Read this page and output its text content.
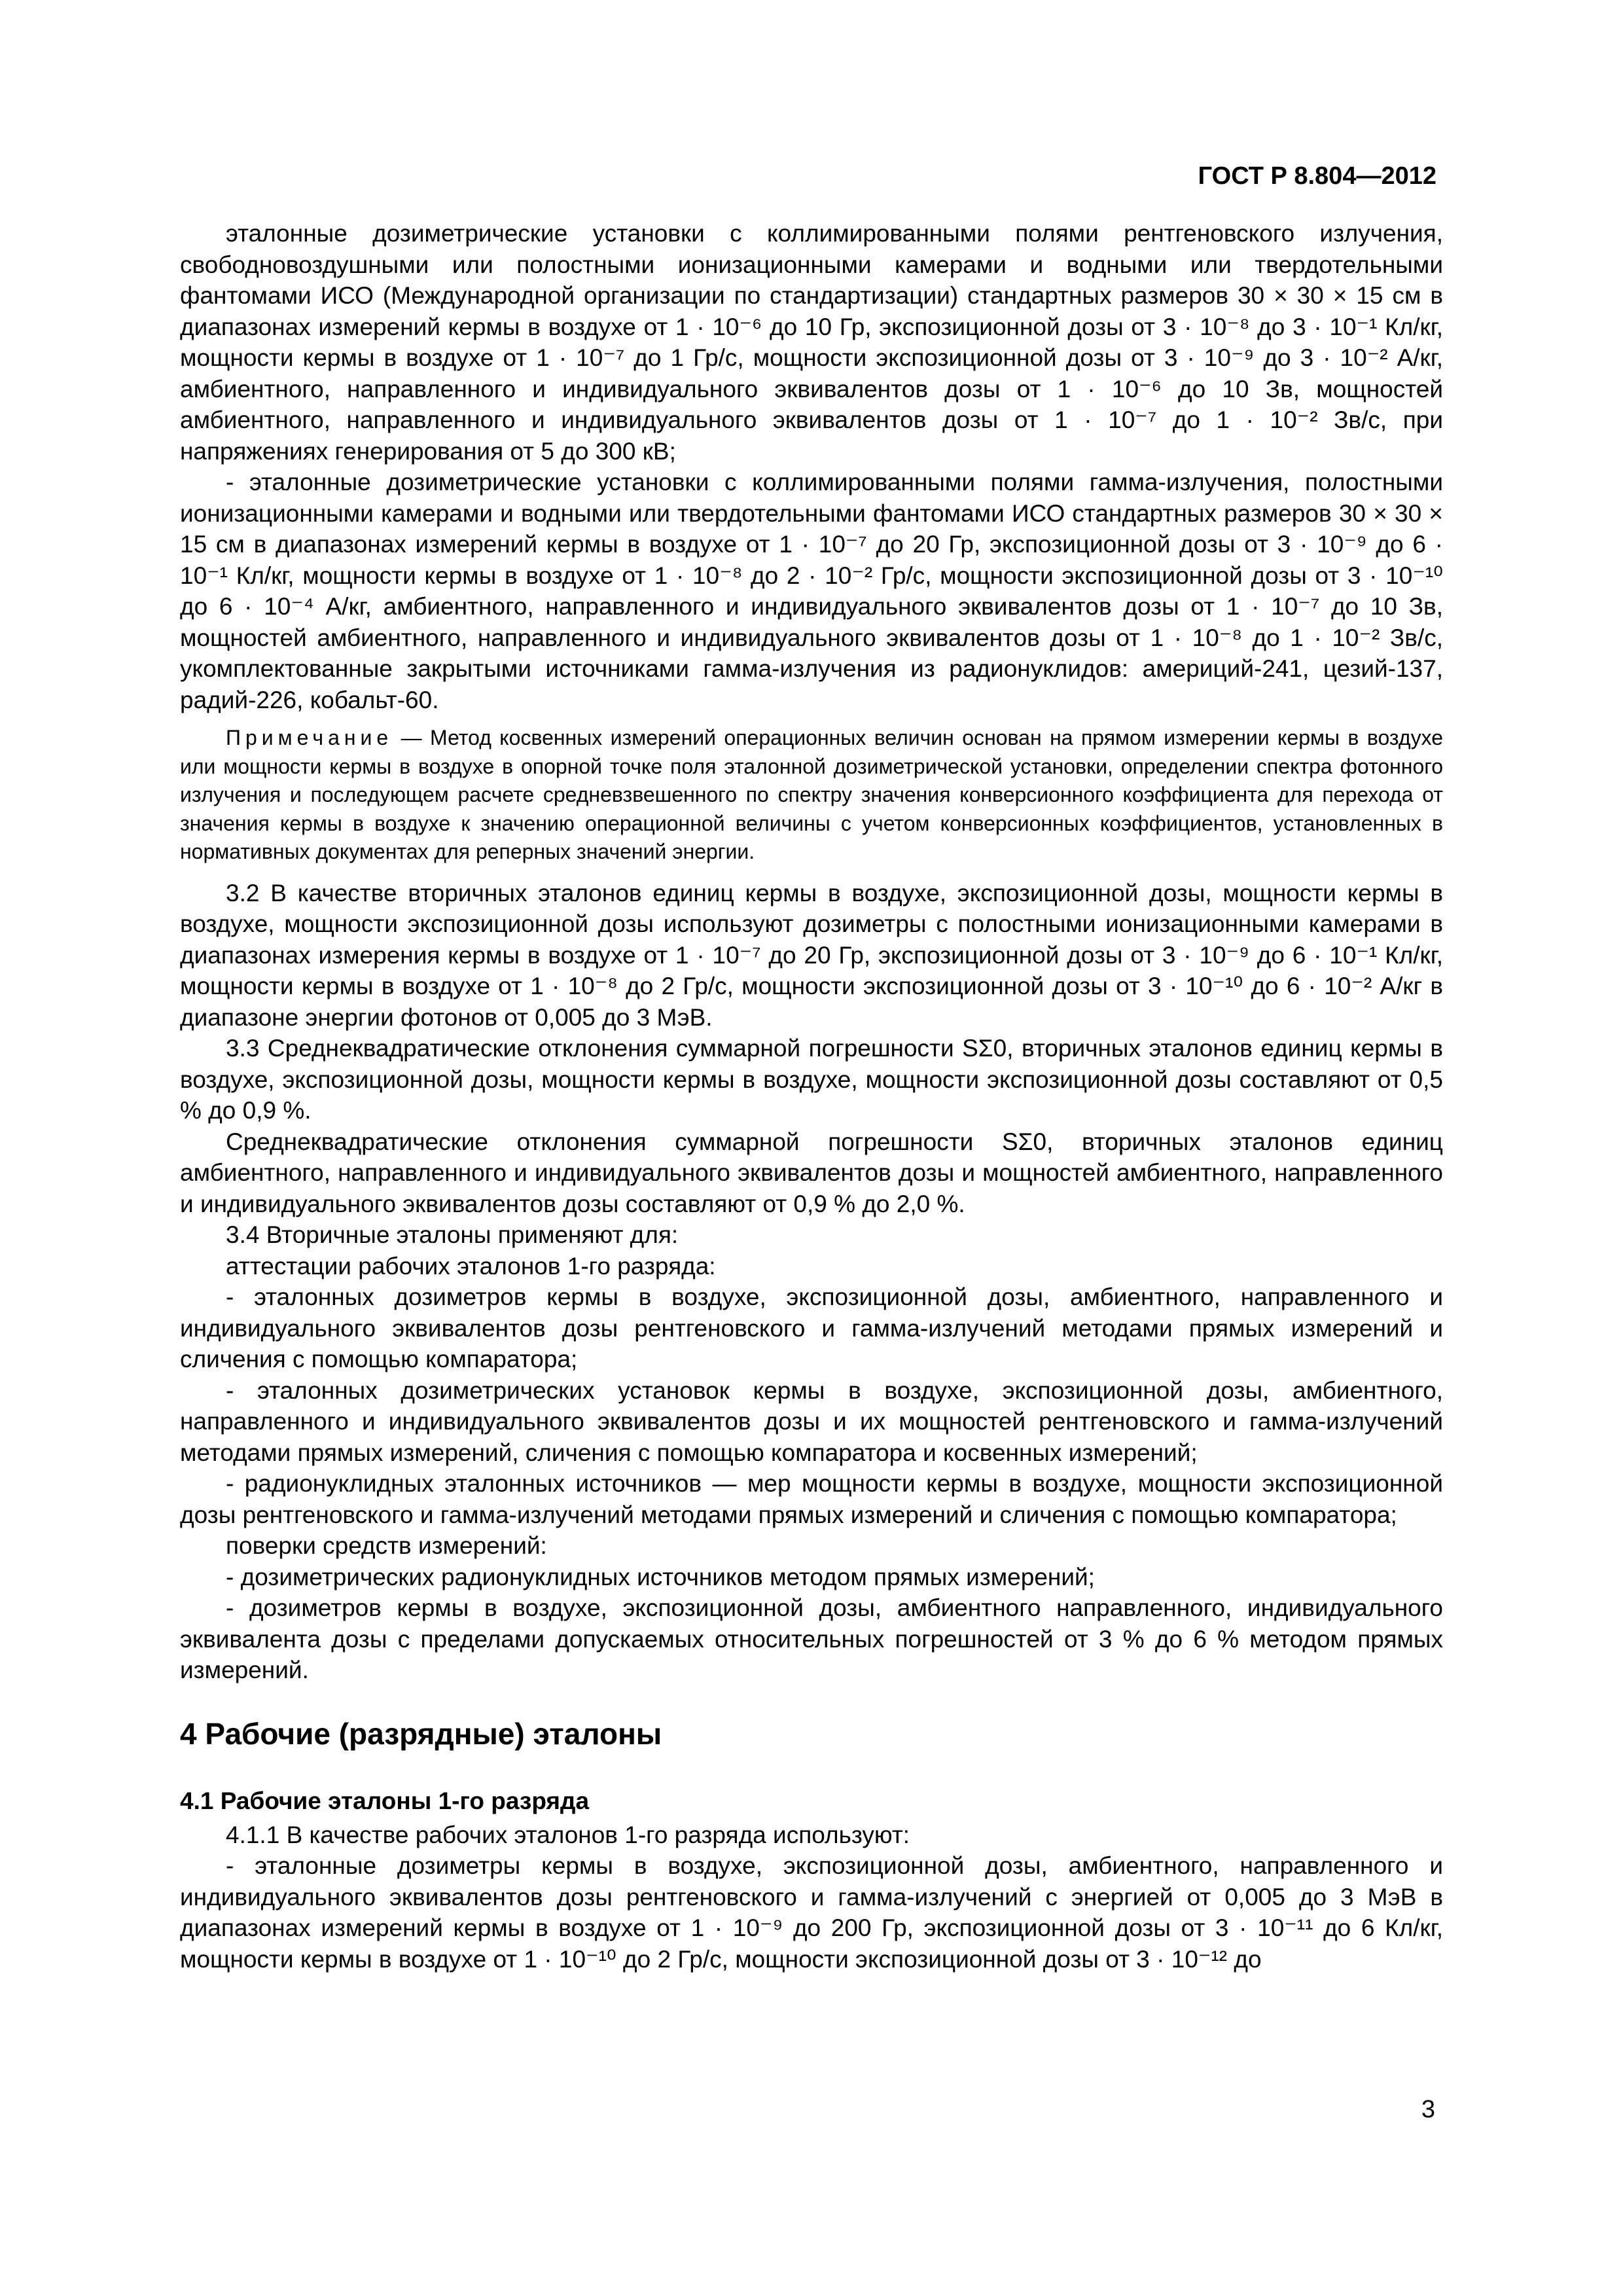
ГОСТ Р 8.804—2012

эталонные дозиметрические установки с коллимированными полями рентгеновского излучения, свободновоздушными или полостными ионизационными камерами и водными или твердотельными фантомами ИСО (Международной организации по стандартизации) стандартных размеров 30 × 30 × 15 см в диапазонах измерений кермы в воздухе от 1 · 10⁻⁶ до 10 Гр, экспозиционной дозы от 3 · 10⁻⁸ до 3 · 10⁻¹ Кл/кг, мощности кермы в воздухе от 1 · 10⁻⁷ до 1 Гр/с, мощности экспозиционной дозы от 3 · 10⁻⁹ до 3 · 10⁻² А/кг, амбиентного, направленного и индивидуального эквивалентов дозы от 1 · 10⁻⁶ до 10 Зв, мощностей амбиентного, направленного и индивидуального эквивалентов дозы от 1 · 10⁻⁷ до 1 · 10⁻² Зв/с, при напряжениях генерирования от 5 до 300 кВ;

- эталонные дозиметрические установки с коллимированными полями гамма-излучения, полостными ионизационными камерами и водными или твердотельными фантомами ИСО стандартных размеров 30 × 30 × 15 см в диапазонах измерений кермы в воздухе от 1 · 10⁻⁷ до 20 Гр, экспозиционной дозы от 3 · 10⁻⁹ до 6 · 10⁻¹ Кл/кг, мощности кермы в воздухе от 1 · 10⁻⁸ до 2 · 10⁻² Гр/с, мощности экспозиционной дозы от 3 · 10⁻¹⁰ до 6 · 10⁻⁴ А/кг, амбиентного, направленного и индивидуального эквивалентов дозы от 1 · 10⁻⁷ до 10 Зв, мощностей амбиентного, направленного и индивидуального эквивалентов дозы от 1 · 10⁻⁸ до 1 · 10⁻² Зв/с, укомплектованные закрытыми источниками гамма-излучения из радионуклидов: америций-241, цезий-137, радий-226, кобальт-60.

Примечание — Метод косвенных измерений операционных величин основан на прямом измерении кермы в воздухе или мощности кермы в воздухе в опорной точке поля эталонной дозиметрической установки, определении спектра фотонного излучения и последующем расчете средневзвешенного по спектру значения конверсионного коэффициента для перехода от значения кермы в воздухе к значению операционной величины с учетом конверсионных коэффициентов, установленных в нормативных документах для реперных значений энергии.

3.2 В качестве вторичных эталонов единиц кермы в воздухе, экспозиционной дозы, мощности кермы в воздухе, мощности экспозиционной дозы используют дозиметры с полостными ионизационными камерами в диапазонах измерения кермы в воздухе от 1 · 10⁻⁷ до 20 Гр, экспозиционной дозы от 3 · 10⁻⁹ до 6 · 10⁻¹ Кл/кг, мощности кермы в воздухе от 1 · 10⁻⁸ до 2 Гр/с, мощности экспозиционной дозы от 3 · 10⁻¹⁰ до 6 · 10⁻² А/кг в диапазоне энергии фотонов от 0,005 до 3 МэВ.

3.3 Среднеквадратические отклонения суммарной погрешности SΣ0, вторичных эталонов единиц кермы в воздухе, экспозиционной дозы, мощности кермы в воздухе, мощности экспозиционной дозы составляют от 0,5 % до 0,9 %.

Среднеквадратические отклонения суммарной погрешности SΣ0, вторичных эталонов единиц амбиентного, направленного и индивидуального эквивалентов дозы и мощностей амбиентного, направленного и индивидуального эквивалентов дозы составляют от 0,9 % до 2,0 %.

3.4 Вторичные эталоны применяют для:

аттестации рабочих эталонов 1-го разряда:

- эталонных дозиметров кермы в воздухе, экспозиционной дозы, амбиентного, направленного и индивидуального эквивалентов дозы рентгеновского и гамма-излучений методами прямых измерений и сличения с помощью компаратора;

- эталонных дозиметрических установок кермы в воздухе, экспозиционной дозы, амбиентного, направленного и индивидуального эквивалентов дозы и их мощностей рентгеновского и гамма-излучений методами прямых измерений, сличения с помощью компаратора и косвенных измерений;

- радионуклидных эталонных источников — мер мощности кермы в воздухе, мощности экспозиционной дозы рентгеновского и гамма-излучений методами прямых измерений и сличения с помощью компаратора;

поверки средств измерений:

- дозиметрических радионуклидных источников методом прямых измерений;

- дозиметров кермы в воздухе, экспозиционной дозы, амбиентного направленного, индивидуального эквивалента дозы с пределами допускаемых относительных погрешностей от 3 % до 6 % методом прямых измерений.

4 Рабочие (разрядные) эталоны

4.1 Рабочие эталоны 1-го разряда

4.1.1 В качестве рабочих эталонов 1-го разряда используют:

- эталонные дозиметры кермы в воздухе, экспозиционной дозы, амбиентного, направленного и индивидуального эквивалентов дозы рентгеновского и гамма-излучений с энергией от 0,005 до 3 МэВ в диапазонах измерений кермы в воздухе от 1 · 10⁻⁹ до 200 Гр, экспозиционной дозы от 3 · 10⁻¹¹ до 6 Кл/кг, мощности кермы в воздухе от 1 · 10⁻¹⁰ до 2 Гр/с, мощности экспозиционной дозы от 3 · 10⁻¹² до

3
